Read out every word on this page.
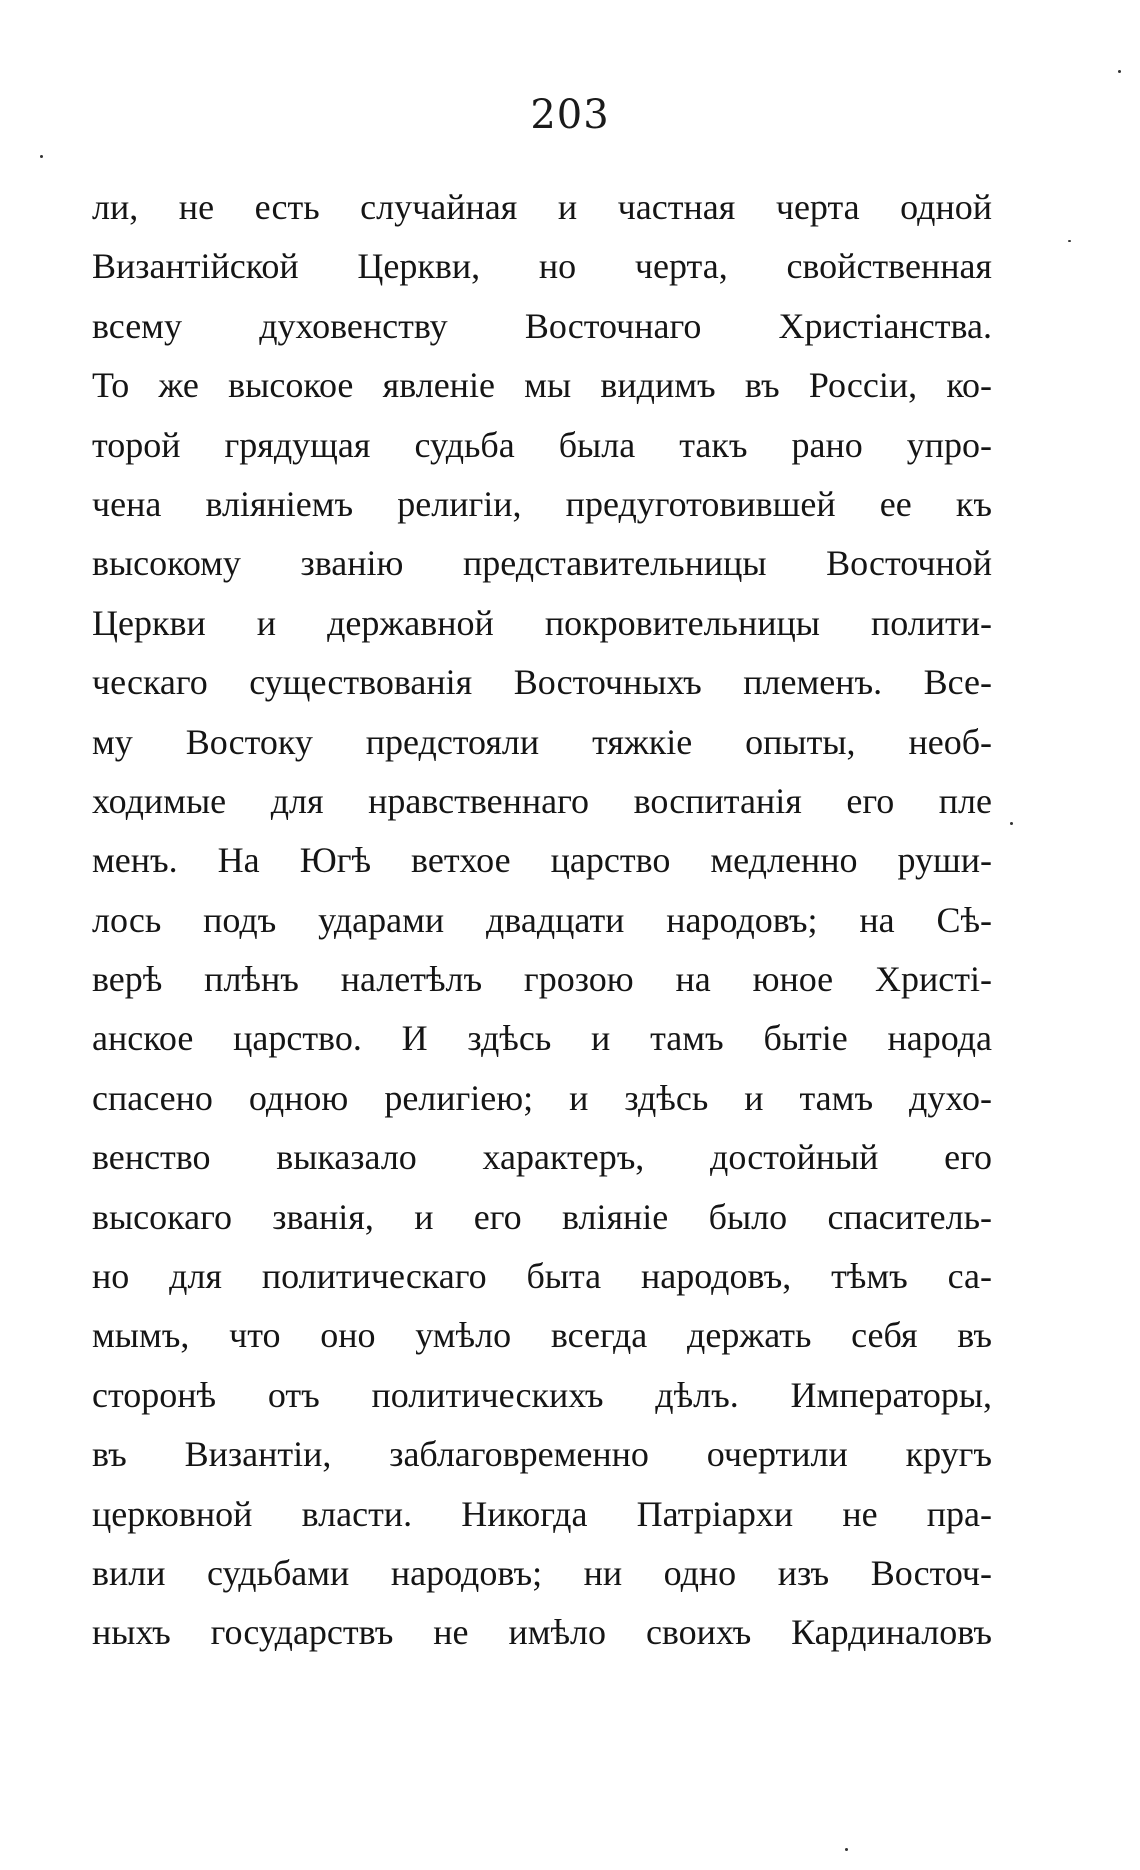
203
ли, не есть случайная и частная черта одной
Византійской Церкви, но черта, свойственная
всему духовенству Восточнаго Христіанства.
То же высокое явленіе мы видимъ въ Россіи, ко-
торой грядущая судьба была такъ рано упро-
чена вліяніемъ религіи, предуготовившей ее къ
высокому званію представительницы Восточной
Церкви и державной покровительницы полити-
ческаго существованія Восточныхъ племенъ. Все-
му Востоку предстояли тяжкіе опыты, необ-
ходимые для нравственнаго воспитанія его пле
менъ. На Югѣ ветхое царство медленно руши-
лось подъ ударами двадцати народовъ; на Сѣ-
верѣ плѣнъ налетѣлъ грозою на юное Христі-
анское царство. И здѣсь и тамъ бытіе народа
спасено одною религіею; и здѣсь и тамъ духо-
венство выказало характеръ, достойный его
высокаго званія, и его вліяніе было спаситель-
но для политическаго быта народовъ, тѣмъ са-
мымъ, что оно умѣло всегда держать себя въ
сторонѣ отъ политическихъ дѣлъ. Императоры,
въ Византіи, заблаговременно очертили кругъ
церковной власти. Никогда Патріархи не пра-
вили судьбами народовъ; ни одно изъ Восточ-
ныхъ государствъ не имѣло своихъ Кардиналовъ
